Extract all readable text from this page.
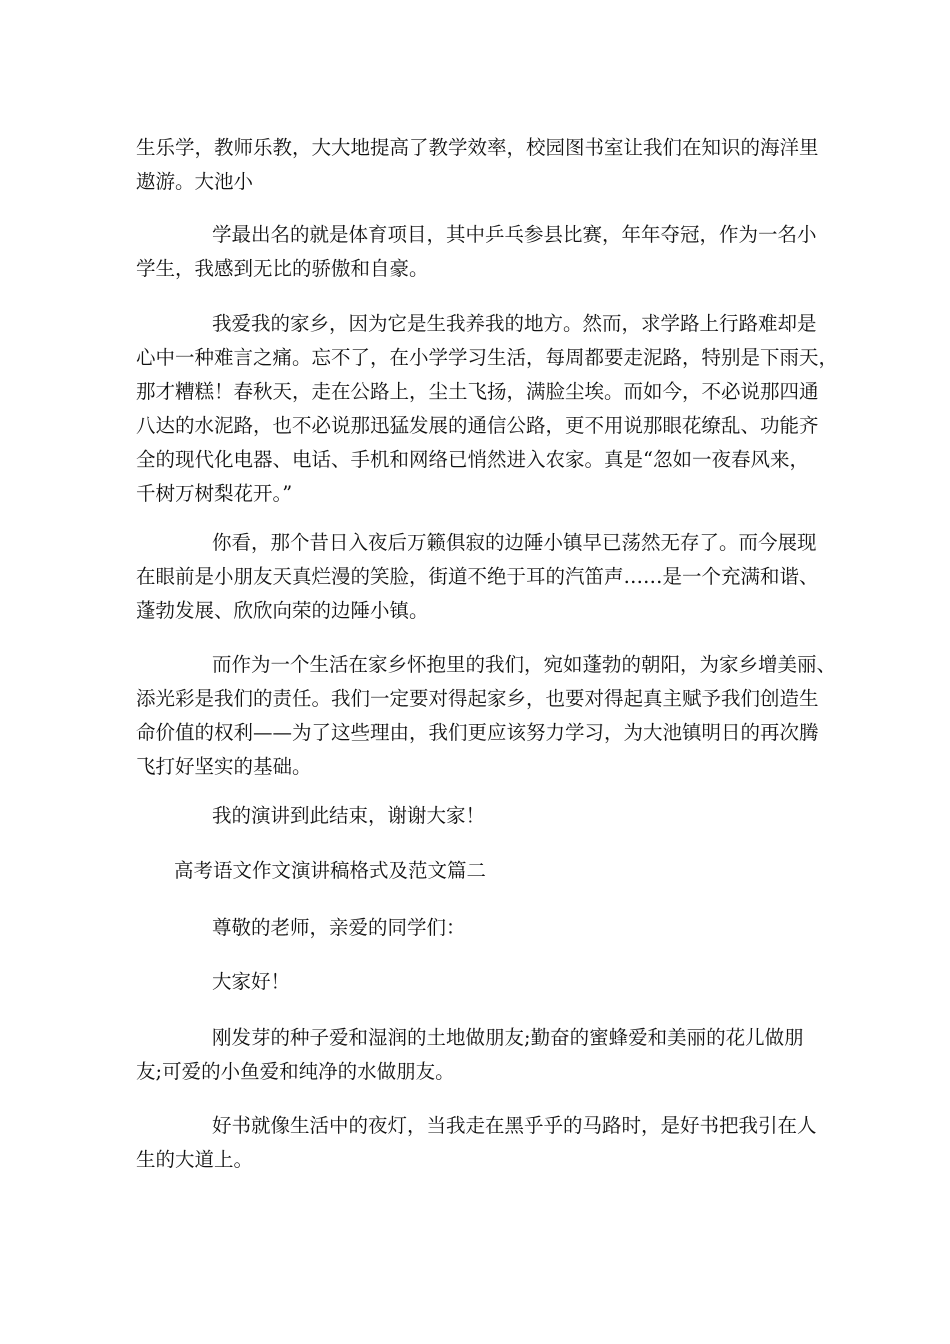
生乐学，教师乐教，大大地提高了教学效率，校园图书室让我们在知识的海洋里
遨游。大池小

学最出名的就是体育项目，其中乒乓参县比赛，年年夺冠，作为一名小
学生，我感到无比的骄傲和自豪。

我爱我的家乡，因为它是生我养我的地方。然而，求学路上行路难却是
心中一种难言之痛。忘不了，在小学学习生活，每周都要走泥路，特别是下雨天，
那才糟糕！春秋天，走在公路上，尘土飞扬，满脸尘埃。而如今，不必说那四通
八达的水泥路，也不必说那迅猛发展的通信公路，更不用说那眼花缭乱、功能齐
全的现代化电器、电话、手机和网络已悄然进入农家。真是“忽如一夜春风来，
千树万树梨花开。”

你看，那个昔日入夜后万籁俱寂的边陲小镇早已荡然无存了。而今展现
在眼前是小朋友天真烂漫的笑脸，街道不绝于耳的汽笛声……是一个充满和谐、
蓬勃发展、欣欣向荣的边陲小镇。

而作为一个生活在家乡怀抱里的我们，宛如蓬勃的朝阳，为家乡增美丽、
添光彩是我们的责任。我们一定要对得起家乡，也要对得起真主赋予我们创造生
命价值的权利——为了这些理由，我们更应该努力学习，为大池镇明日的再次腾
飞打好坚实的基础。

我的演讲到此结束，谢谢大家！

高考语文作文演讲稿格式及范文篇二

尊敬的老师，亲爱的同学们：

大家好！

刚发芽的种子爱和湿润的土地做朋友;勤奋的蜜蜂爱和美丽的花儿做朋
友;可爱的小鱼爱和纯净的水做朋友。

好书就像生活中的夜灯，当我走在黑乎乎的马路时，是好书把我引在人
生的大道上。
